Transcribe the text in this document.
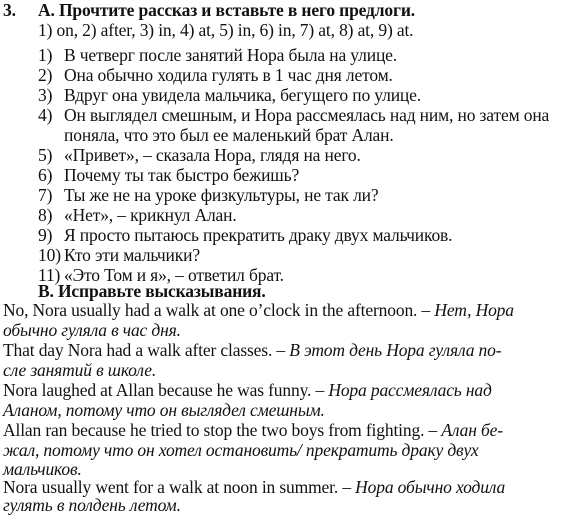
3. А. Прочтите рассказ и вставьте в него предлоги.
1) on, 2) after, 3) in, 4) at, 5) in, 6) in, 7) at, 8) at, 9) at.
1) В четверг после занятий Нора была на улице.
2) Она обычно ходила гулять в 1 час дня летом.
3) Вдруг она увидела мальчика, бегущего по улице.
4) Он выглядел смешным, и Нора рассмеялась над ним, но затем она
поняла, что это был ее маленький брат Алан.
5) «Привет», – сказала Нора, глядя на него.
6) Почему ты так быстро бежишь?
7) Ты же не на уроке физкультуры, не так ли?
8) «Нет», – крикнул Алан.
9) Я просто пытаюсь прекратить драку двух мальчиков.
10) Кто эти мальчики?
11) «Это Том и я», – ответил брат.
В. Исправьте высказывания.
No, Nora usually had a walk at one o’clock in the afternoon. – Нет, Нора
обычно гуляла в час дня.
That day Nora had a walk after classes. – В этот день Нора гуляла по-
сле занятий в школе.
Nora laughed at Allan because he was funny. – Нора рассмеялась над
Аланом, потому что он выглядел смешным.
Allan ran because he tried to stop the two boys from fighting. – Алан бе-
жал, потому что он хотел остановить/ прекратить драку двух
мальчиков.
Nora usually went for a walk at noon in summer. – Нора обычно ходила
гулять в полдень летом.
